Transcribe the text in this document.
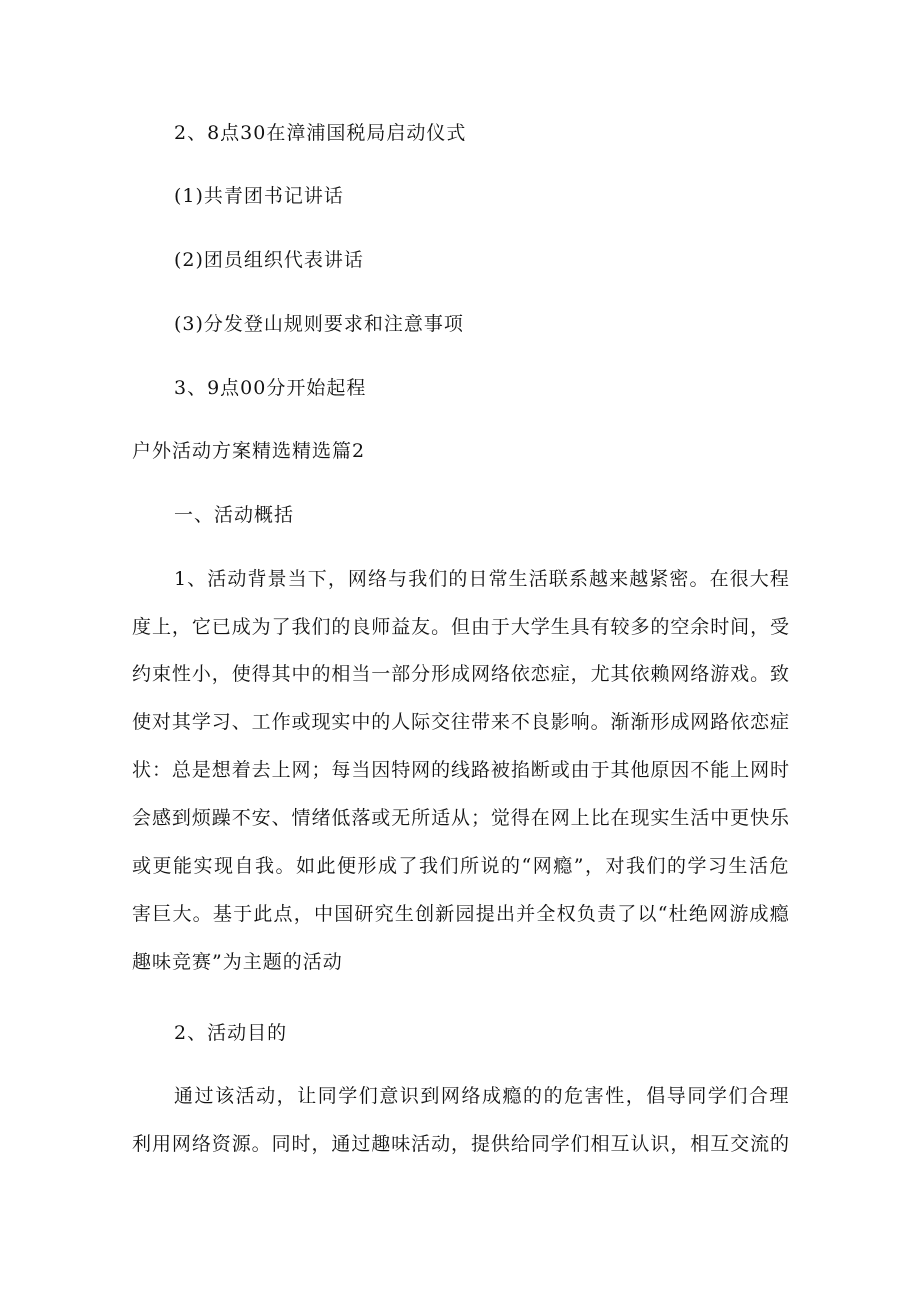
2、8点30在漳浦国税局启动仪式
(1)共青团书记讲话
(2)团员组织代表讲话
(3)分发登山规则要求和注意事项
3、9点00分开始起程
户外活动方案精选精选篇2
一、活动概括
1、活动背景当下，网络与我们的日常生活联系越来越紧密。在很大程
度上，它已成为了我们的良师益友。但由于大学生具有较多的空余时间，受
约束性小，使得其中的相当一部分形成网络依恋症，尤其依赖网络游戏。致
使对其学习、工作或现实中的人际交往带来不良影响。渐渐形成网路依恋症
状：总是想着去上网；每当因特网的线路被掐断或由于其他原因不能上网时
会感到烦躁不安、情绪低落或无所适从；觉得在网上比在现实生活中更快乐
或更能实现自我。如此便形成了我们所说的“网瘾”，对我们的学习生活危
害巨大。基于此点，中国研究生创新园提出并全权负责了以“杜绝网游成瘾
趣味竞赛”为主题的活动
2、活动目的
通过该活动，让同学们意识到网络成瘾的的危害性，倡导同学们合理
利用网络资源。同时，通过趣味活动，提供给同学们相互认识，相互交流的
